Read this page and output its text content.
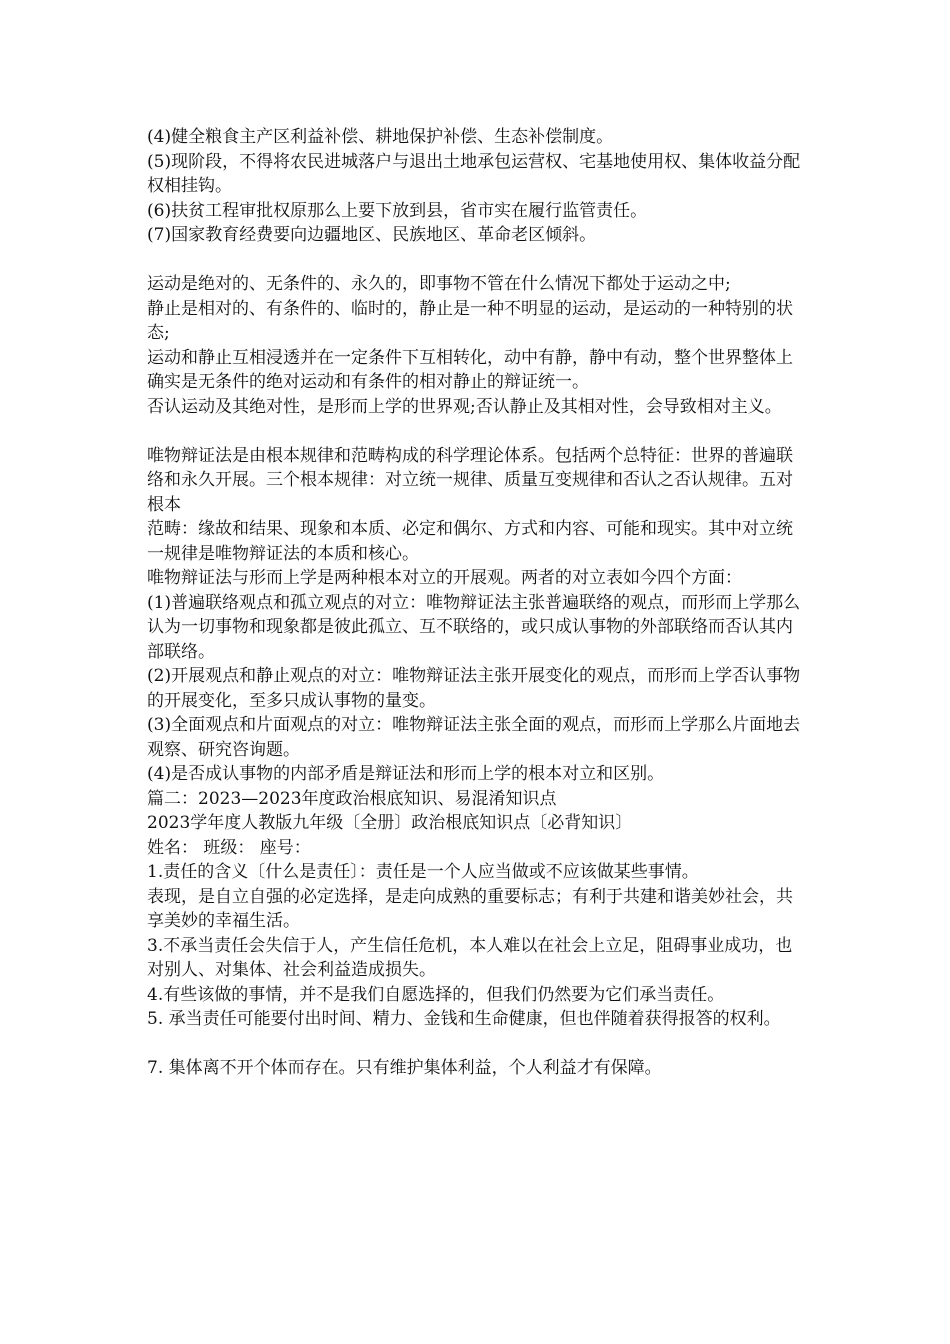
(4)健全粮食主产区利益补偿、耕地保护补偿、生态补偿制度。

(5)现阶段，不得将农民进城落户与退出土地承包运营权、宅基地使用权、集体收益分配权相挂钩。

(6)扶贫工程审批权原那么上要下放到县，省市实在履行监管责任。

(7)国家教育经费要向边疆地区、民族地区、革命老区倾斜。

运动是绝对的、无条件的、永久的，即事物不管在什么情况下都处于运动之中;

静止是相对的、有条件的、临时的，静止是一种不明显的运动，是运动的一种特别的状态;

运动和静止互相浸透并在一定条件下互相转化，动中有静，静中有动，整个世界整体上确实是无条件的绝对运动和有条件的相对静止的辩证统一。

否认运动及其绝对性，是形而上学的世界观;否认静止及其相对性，会导致相对主义。

唯物辩证法是由根本规律和范畴构成的科学理论体系。包括两个总特征：世界的普遍联络和永久开展。三个根本规律：对立统一规律、质量互变规律和否认之否认规律。五对根本

范畴：缘故和结果、现象和本质、必定和偶尔、方式和内容、可能和现实。其中对立统一规律是唯物辩证法的本质和核心。

唯物辩证法与形而上学是两种根本对立的开展观。两者的对立表如今四个方面：

(1)普遍联络观点和孤立观点的对立：唯物辩证法主张普遍联络的观点，而形而上学那么认为一切事物和现象都是彼此孤立、互不联络的，或只成认事物的外部联络而否认其内部联络。

(2)开展观点和静止观点的对立：唯物辩证法主张开展变化的观点，而形而上学否认事物的开展变化，至多只成认事物的量变。

(3)全面观点和片面观点的对立：唯物辩证法主张全面的观点，而形而上学那么片面地去观察、研究咨询题。

(4)是否成认事物的内部矛盾是辩证法和形而上学的根本对立和区别。

篇二：2023—2023年度政治根底知识、易混淆知识点

2023学年度人教版九年级〔全册〕政治根底知识点〔必背知识〕

姓名： 班级： 座号：

1.责任的含义〔什么是责任〕：责任是一个人应当做或不应该做某些事情。

表现，是自立自强的必定选择，是走向成熟的重要标志；有利于共建和谐美妙社会，共享美妙的幸福生活。

3.不承当责任会失信于人，产生信任危机，本人难以在社会上立足，阻碍事业成功，也对别人、对集体、社会利益造成损失。

4.有些该做的事情，并不是我们自愿选择的，但我们仍然要为它们承当责任。

5. 承当责任可能要付出时间、精力、金钱和生命健康，但也伴随着获得报答的权利。

7. 集体离不开个体而存在。只有维护集体利益，个人利益才有保障。
